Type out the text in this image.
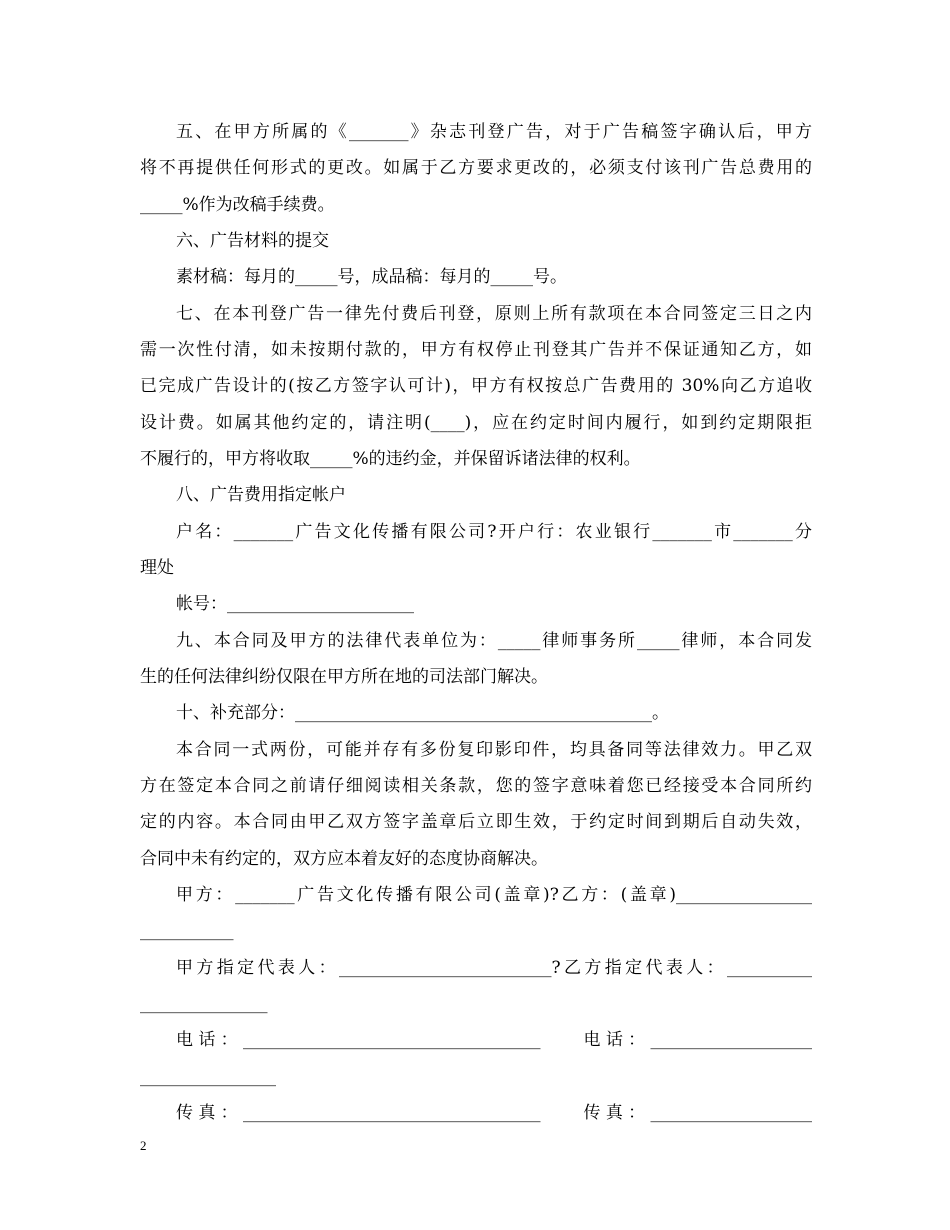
五、在甲方所属的《_______》杂志刊登广告，对于广告稿签字确认后，甲方
将不再提供任何形式的更改。如属于乙方要求更改的，必须支付该刊广告总费用的
_____%作为改稿手续费。
六、广告材料的提交
素材稿：每月的_____号，成品稿：每月的_____号。
七、在本刊登广告一律先付费后刊登，原则上所有款项在本合同签定三日之内
需一次性付清，如未按期付款的，甲方有权停止刊登其广告并不保证通知乙方，如
已完成广告设计的(按乙方签字认可计)，甲方有权按总广告费用的 30%向乙方追收
设计费。如属其他约定的，请注明(____)，应在约定时间内履行，如到约定期限拒
不履行的，甲方将收取_____%的违约金，并保留诉诸法律的权利。
八、广告费用指定帐户
户名：_______广告文化传播有限公司?开户行：农业银行_______市_______分
理处
帐号：______________________
九、本合同及甲方的法律代表单位为：_____律师事务所_____律师，本合同发
生的任何法律纠纷仅限在甲方所在地的司法部门解决。
十、补充部分：__________________________________________。
本合同一式两份，可能并存有多份复印影印件，均具备同等法律效力。甲乙双
方在签定本合同之前请仔细阅读相关条款，您的签字意味着您已经接受本合同所约
定的内容。本合同由甲乙双方签字盖章后立即生效，于约定时间到期后自动失效，
合同中未有约定的，双方应本着友好的态度协商解决。
甲方：_______广告文化传播有限公司(盖章)?乙方：(盖章)________________
___________
甲方指定代表人：_________________________?乙方指定代表人：__________
_______________
电话：___________________________________    电话：___________________
________________
传真：___________________________________    传真：___________________
2
